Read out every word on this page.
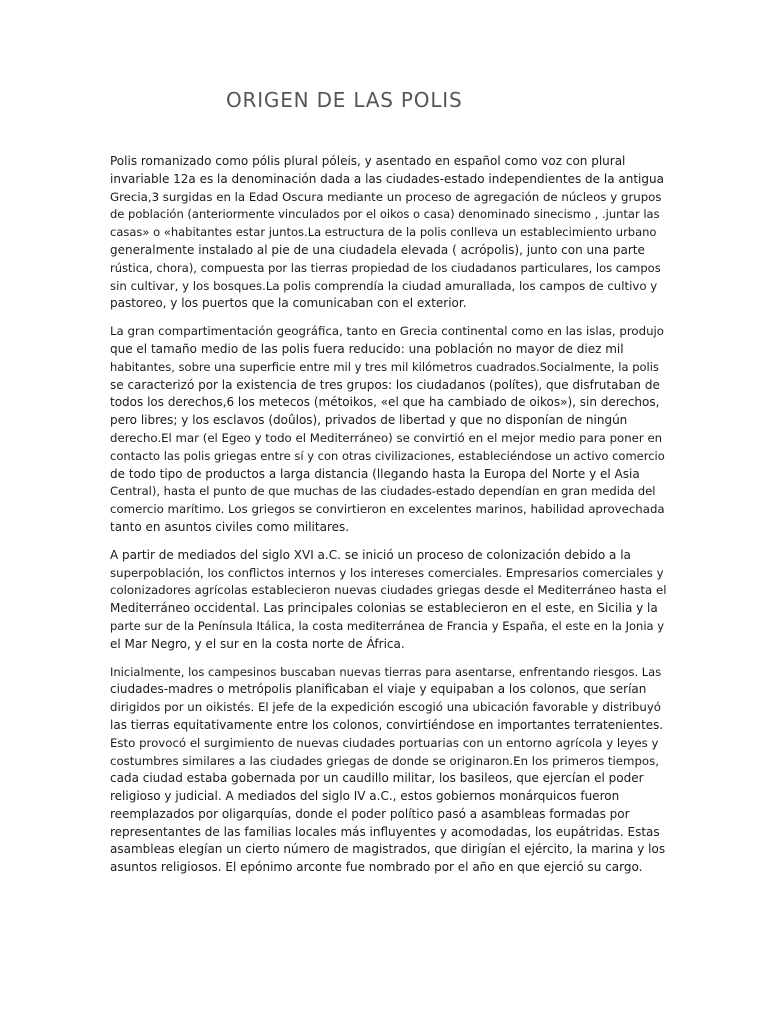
ORIGEN DE LAS POLIS

Polis romanizado como pólis plural póleis, y asentado en español como voz con plural
invariable 12a es la denominación dada a las ciudades-estado independientes de la antigua
Grecia,3 surgidas en la Edad Oscura mediante un proceso de agregación de núcleos y grupos
de población (anteriormente vinculados por el oikos o casa) denominado sinecismo , .juntar las
casas» o «habitantes estar juntos.La estructura de la polis conlleva un establecimiento urbano
generalmente instalado al pie de una ciudadela elevada ( acrópolis), junto con una parte
rústica, chora), compuesta por las tierras propiedad de los ciudadanos particulares, los campos
sin cultivar, y los bosques.La polis comprendía la ciudad amurallada, los campos de cultivo y
pastoreo, y los puertos que la comunicaban con el exterior.

La gran compartimentación geográfica, tanto en Grecia continental como en las islas, produjo
que el tamaño medio de las polis fuera reducido: una población no mayor de diez mil
habitantes, sobre una superficie entre mil y tres mil kilómetros cuadrados.Socialmente, la polis
se caracterizó por la existencia de tres grupos: los ciudadanos (polítes), que disfrutaban de
todos los derechos,6 los metecos (métoikos, «el que ha cambiado de oikos»), sin derechos,
pero libres; y los esclavos (doûlos), privados de libertad y que no disponían de ningún
derecho.El mar (el Egeo y todo el Mediterráneo) se convirtió en el mejor medio para poner en
contacto las polis griegas entre sí y con otras civilizaciones, estableciéndose un activo comercio
de todo tipo de productos a larga distancia (llegando hasta la Europa del Norte y el Asia
Central), hasta el punto de que muchas de las ciudades-estado dependían en gran medida del
comercio marítimo. Los griegos se convirtieron en excelentes marinos, habilidad aprovechada
tanto en asuntos civiles como militares.

A partir de mediados del siglo XVI a.C. se inició un proceso de colonización debido a la
superpoblación, los conflictos internos y los intereses comerciales. Empresarios comerciales y
colonizadores agrícolas establecieron nuevas ciudades griegas desde el Mediterráneo hasta el
Mediterráneo occidental. Las principales colonias se establecieron en el este, en Sicilia y la
parte sur de la Península Itálica, la costa mediterránea de Francia y España, el este en la Jonia y
el Mar Negro, y el sur en la costa norte de África.

Inicialmente, los campesinos buscaban nuevas tierras para asentarse, enfrentando riesgos. Las
ciudades-madres o metrópolis planificaban el viaje y equipaban a los colonos, que serían
dirigidos por un oikistés. El jefe de la expedición escogió una ubicación favorable y distribuyó
las tierras equitativamente entre los colonos, convirtiéndose en importantes terratenientes.
Esto provocó el surgimiento de nuevas ciudades portuarias con un entorno agrícola y leyes y
costumbres similares a las ciudades griegas de donde se originaron.En los primeros tiempos,
cada ciudad estaba gobernada por un caudillo militar, los basileos, que ejercían el poder
religioso y judicial. A mediados del siglo IV a.C., estos gobiernos monárquicos fueron
reemplazados por oligarquías, donde el poder político pasó a asambleas formadas por
representantes de las familias locales más influyentes y acomodadas, los eupátridas. Estas
asambleas elegían un cierto número de magistrados, que dirigían el ejército, la marina y los
asuntos religiosos. El epónimo arconte fue nombrado por el año en que ejerció su cargo.
